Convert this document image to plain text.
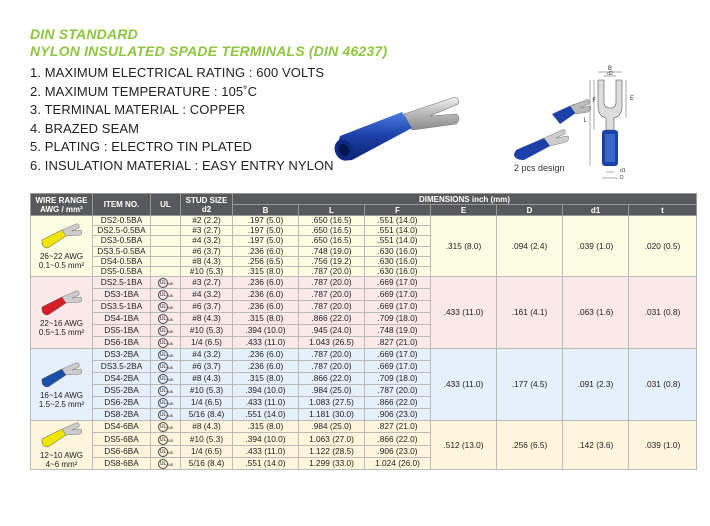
DIN STANDARD
NYLON INSULATED SPADE TERMINALS (DIN 46237)
1. MAXIMUM ELECTRICAL RATING : 600 VOLTS
2. MAXIMUM TEMPERATURE : 105˚C
3. TERMINAL MATERIAL : COPPER
4. BRAZED SEAM
5. PLATING : ELECTRO TIN PLATED
6. INSULATION MATERIAL : EASY ENTRY NYLON
B
d2
L
F	E
d1
D
2 pcs design
WIRE RANGE AWG / mm²	ITEM NO.	UL	STUD SIZE d2	DIMENSIONS inch (mm)						
				B	L	F	E	D	d1	t

26~22 AWG
0.1~0.5 mm²	DS2-0.5BA		#2 (2.2)	.197 (5.0)	.650 (16.5)	.551 (14.0)	.315 (8.0)	.094 (2.4)	.039 (1.0)	.020 (0.5)
	DS2.5-0.5BA		#3 (2.7)	.197 (5.0)	.650 (16.5)	.551 (14.0)				
	DS3-0.5BA		#4 (3.2)	.197 (5.0)	.650 (16.5)	.551 (14.0)				
	DS3.5-0.5BA		#6 (3.7)	.236 (6.0)	.748 (19.0)	.630 (16.0)				
	DS4-0.5BA		#8 (4.3)	.256 (6.5)	.756 (19.2)	.630 (16.0)				
	DS5-0.5BA		#10 (5.3)	.315 (8.0)	.787 (20.0)	.630 (16.0)				

22~16 AWG
0.5~1.5 mm²	DS2.5-1BA	UL us	#3 (2.7)	.236 (6.0)	.787 (20.0)	.669 (17.0)	.433 (11.0)	.161 (4.1)	.063 (1.6)	.031 (0.8)
	DS3-1BA	UL us	#4 (3.2)	.236 (6.0)	.787 (20.0)	.669 (17.0)				
	DS3.5-1BA	UL us	#6 (3.7)	.236 (6.0)	.787 (20.0)	.669 (17.0)				
	DS4-1BA	UL us	#8 (4.3)	.315 (8.0)	.866 (22.0)	.709 (18.0)				
	DS5-1BA	UL us	#10 (5.3)	.394 (10.0)	.945 (24.0)	.748 (19.0)				
	DS6-1BA	UL us	1/4 (6.5)	.433 (11.0)	1.043 (26.5)	.827 (21.0)				

16~14 AWG
1.5~2.5 mm²	DS3-2BA	UL us	#4 (3.2)	.236 (6.0)	.787 (20.0)	.669 (17.0)	.433 (11.0)	.177 (4.5)	.091 (2.3)	.031 (0.8)
	DS3.5-2BA	UL us	#6 (3.7)	.236 (6.0)	.787 (20.0)	.669 (17.0)				
	DS4-2BA	UL us	#8 (4.3)	.315 (8.0)	.866 (22.0)	.709 (18.0)				
	DS5-2BA	UL us	#10 (5.3)	.394 (10.0)	.984 (25.0)	.787 (20.0)				
	DS6-2BA	UL us	1/4 (6.5)	.433 (11.0)	1.083 (27.5)	.866 (22.0)				
	DS8-2BA	UL us	5/16 (8.4)	.551 (14.0)	1.181 (30.0)	.906 (23.0)				

12~10 AWG
4~6 mm²	DS4-6BA	UL us	#8 (4.3)	.315 (8.0)	.984 (25.0)	.827 (21.0)	.512 (13.0)	.256 (6.5)	.142 (3.6)	.039 (1.0)
	DS5-6BA	UL us	#10 (5.3)	.394 (10.0)	1.063 (27.0)	.866 (22.0)				
	DS6-6BA	UL us	1/4 (6.5)	.433 (11.0)	1.122 (28.5)	.906 (23.0)				
	DS8-6BA	UL us	5/16 (8.4)	.551 (14.0)	1.299 (33.0)	1.024 (26.0)				
